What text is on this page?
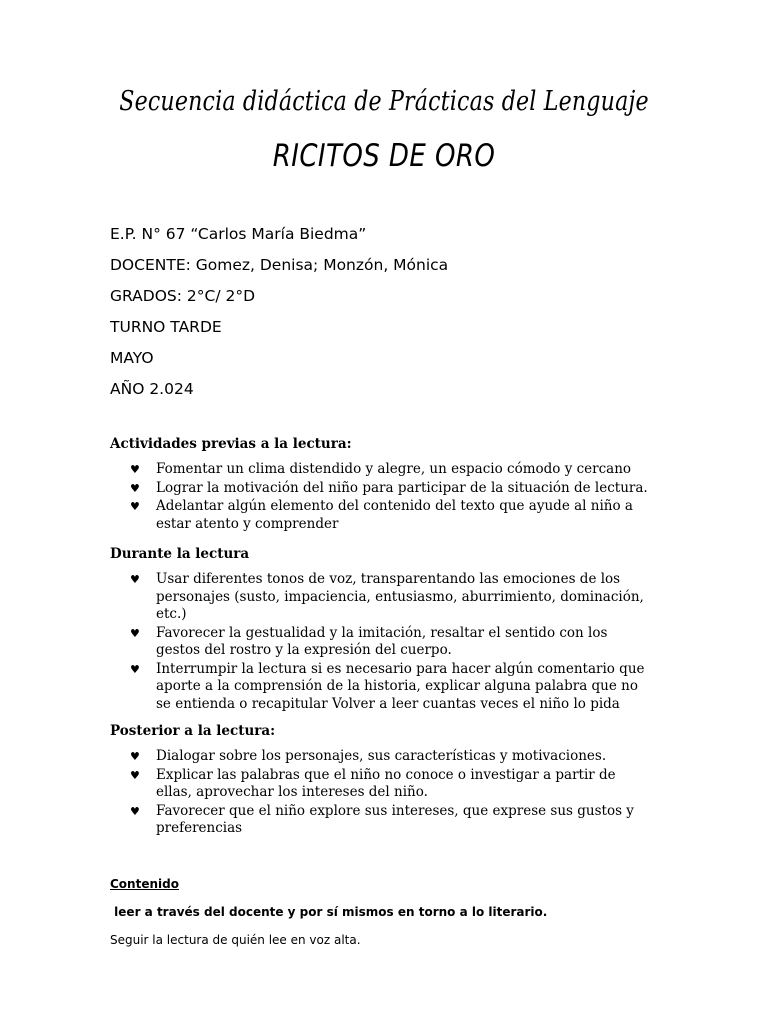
Secuencia didáctica de Prácticas del Lenguaje
RICITOS DE ORO
E.P. N° 67 “Carlos María Biedma”
DOCENTE: Gomez, Denisa; Monzón, Mónica
GRADOS: 2°C/ 2°D
TURNO TARDE
MAYO
AÑO 2.024
Actividades previas a la lectura:
♥ Fomentar un clima distendido y alegre, un espacio cómodo y cercano
♥ Lograr la motivación del niño para participar de la situación de lectura.
♥ Adelantar algún elemento del contenido del texto que ayude al niño a estar atento y comprender
Durante la lectura
♥ Usar diferentes tonos de voz, transparentando las emociones de los personajes (susto, impaciencia, entusiasmo, aburrimiento, dominación, etc.)
♥ Favorecer la gestualidad y la imitación, resaltar el sentido con los gestos del rostro y la expresión del cuerpo.
♥ Interrumpir la lectura si es necesario para hacer algún comentario que aporte a la comprensión de la historia, explicar alguna palabra que no se entienda o recapitular Volver a leer cuantas veces el niño lo pida
Posterior a la lectura:
♥ Dialogar sobre los personajes, sus características y motivaciones.
♥ Explicar las palabras que el niño no conoce o investigar a partir de ellas, aprovechar los intereses del niño.
♥ Favorecer que el niño explore sus intereses, que exprese sus gustos y preferencias
Contenido
leer a través del docente y por sí mismos en torno a lo literario.
Seguir la lectura de quién lee en voz alta.
